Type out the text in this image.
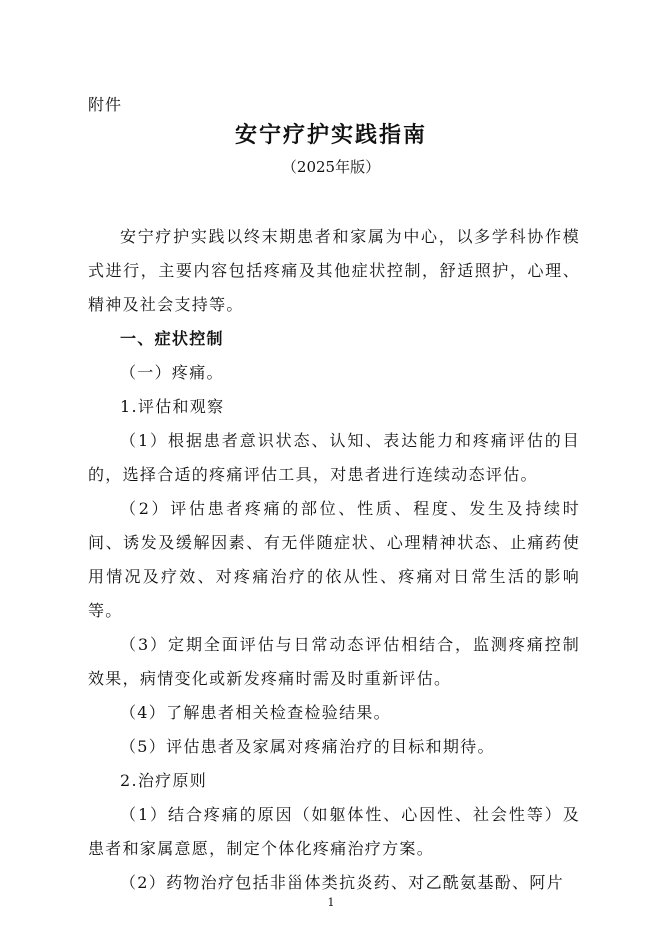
附件
安宁疗护实践指南
（2025年版）

安宁疗护实践以终末期患者和家属为中心，以多学科协作模式进行，主要内容包括疼痛及其他症状控制，舒适照护，心理、精神及社会支持等。

一、症状控制

（一）疼痛。

1.评估和观察

（1）根据患者意识状态、认知、表达能力和疼痛评估的目的，选择合适的疼痛评估工具，对患者进行连续动态评估。

（2）评估患者疼痛的部位、性质、程度、发生及持续时间、诱发及缓解因素、有无伴随症状、心理精神状态、止痛药使用情况及疗效、对疼痛治疗的依从性、疼痛对日常生活的影响等。

（3）定期全面评估与日常动态评估相结合，监测疼痛控制效果，病情变化或新发疼痛时需及时重新评估。

（4）了解患者相关检查检验结果。

（5）评估患者及家属对疼痛治疗的目标和期待。

2.治疗原则

（1）结合疼痛的原因（如躯体性、心因性、社会性等）及患者和家属意愿，制定个体化疼痛治疗方案。

（2）药物治疗包括非甾体类抗炎药、对乙酰氨基酚、阿片

1
